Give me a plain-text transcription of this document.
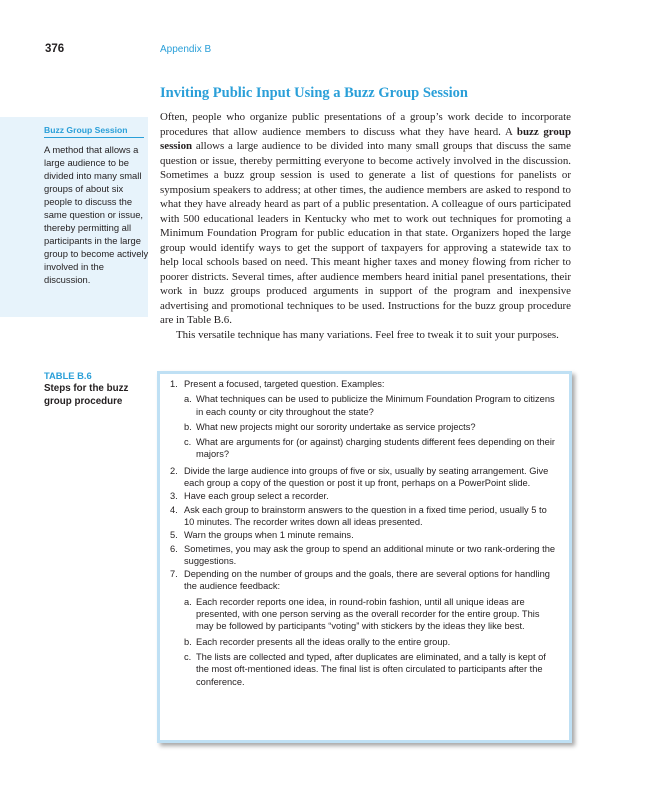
376	Appendix B
Inviting Public Input Using a Buzz Group Session

Often, people who organize public presentations of a group’s work decide to incorporate procedures that allow audience members to discuss what they have heard. A buzz group session allows a large audience to be divided into many small groups that discuss the same question or issue, thereby permitting everyone to become actively involved in the discussion. Sometimes a buzz group session is used to generate a list of questions for panelists or symposium speakers to address; at other times, the audience members are asked to respond to what they have already heard as part of a public presentation. A colleague of ours participated with 500 educational leaders in Kentucky who met to work out techniques for promoting a Minimum Foundation Program for public education in that state. Organizers hoped the large group would identify ways to get the support of taxpayers for approving a statewide tax to help local schools based on need. This meant higher taxes and money flowing from richer to poorer districts. Several times, after audience members heard initial panel presentations, their work in buzz groups produced arguments in support of the program and inexpensive advertising and promotional techniques to be used. Instructions for the buzz group procedure are in Table B.6.

This versatile technique has many variations. Feel free to tweak it to suit your purposes.

Buzz Group Session
A method that allows a large audience to be divided into many small groups of about six people to discuss the same question or issue, thereby permitting all participants in the large group to become actively involved in the discussion.
TABLE B.6
Steps for the buzz group procedure
1. Present a focused, targeted question. Examples:
a. What techniques can be used to publicize the Minimum Foundation Program to citizens in each county or city throughout the state?
b. What new projects might our sorority undertake as service projects?
c. What are arguments for (or against) charging students different fees depending on their majors?
2. Divide the large audience into groups of five or six, usually by seating arrangement. Give each group a copy of the question or post it up front, perhaps on a PowerPoint slide.
3. Have each group select a recorder.
4. Ask each group to brainstorm answers to the question in a fixed time period, usually 5 to 10 minutes. The recorder writes down all ideas presented.
5. Warn the groups when 1 minute remains.
6. Sometimes, you may ask the group to spend an additional minute or two rank-ordering the suggestions.
7. Depending on the number of groups and the goals, there are several options for handling the audience feedback:
a. Each recorder reports one idea, in round-robin fashion, until all unique ideas are presented, with one person serving as the overall recorder for the entire group. This may be followed by participants “voting” with stickers by the ideas they like best.
b. Each recorder presents all the ideas orally to the entire group.
c. The lists are collected and typed, after duplicates are eliminated, and a tally is kept of the most oft-mentioned ideas. The final list is often circulated to participants after the conference.
